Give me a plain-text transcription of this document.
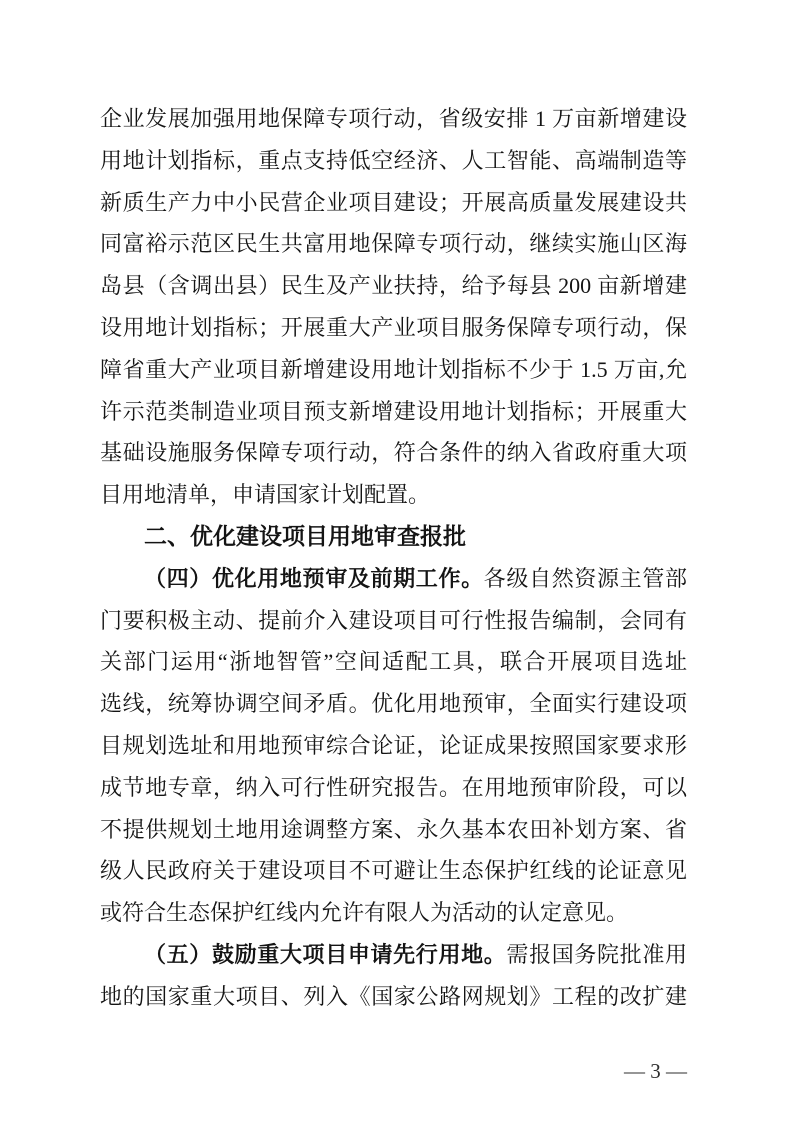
企业发展加强用地保障专项行动，省级安排 1 万亩新增建设
用地计划指标，重点支持低空经济、人工智能、高端制造等
新质生产力中小民营企业项目建设；开展高质量发展建设共
同富裕示范区民生共富用地保障专项行动，继续实施山区海
岛县（含调出县）民生及产业扶持，给予每县 200 亩新增建
设用地计划指标；开展重大产业项目服务保障专项行动，保
障省重大产业项目新增建设用地计划指标不少于 1.5 万亩,允
许示范类制造业项目预支新增建设用地计划指标；开展重大
基础设施服务保障专项行动，符合条件的纳入省政府重大项
目用地清单，申请国家计划配置。
二、优化建设项目用地审查报批
（四）优化用地预审及前期工作。各级自然资源主管部
门要积极主动、提前介入建设项目可行性报告编制，会同有
关部门运用“浙地智管”空间适配工具，联合开展项目选址
选线，统筹协调空间矛盾。优化用地预审，全面实行建设项
目规划选址和用地预审综合论证，论证成果按照国家要求形
成节地专章，纳入可行性研究报告。在用地预审阶段，可以
不提供规划土地用途调整方案、永久基本农田补划方案、省
级人民政府关于建设项目不可避让生态保护红线的论证意见
或符合生态保护红线内允许有限人为活动的认定意见。
（五）鼓励重大项目申请先行用地。需报国务院批准用
地的国家重大项目、列入《国家公路网规划》工程的改扩建
— 3 —
